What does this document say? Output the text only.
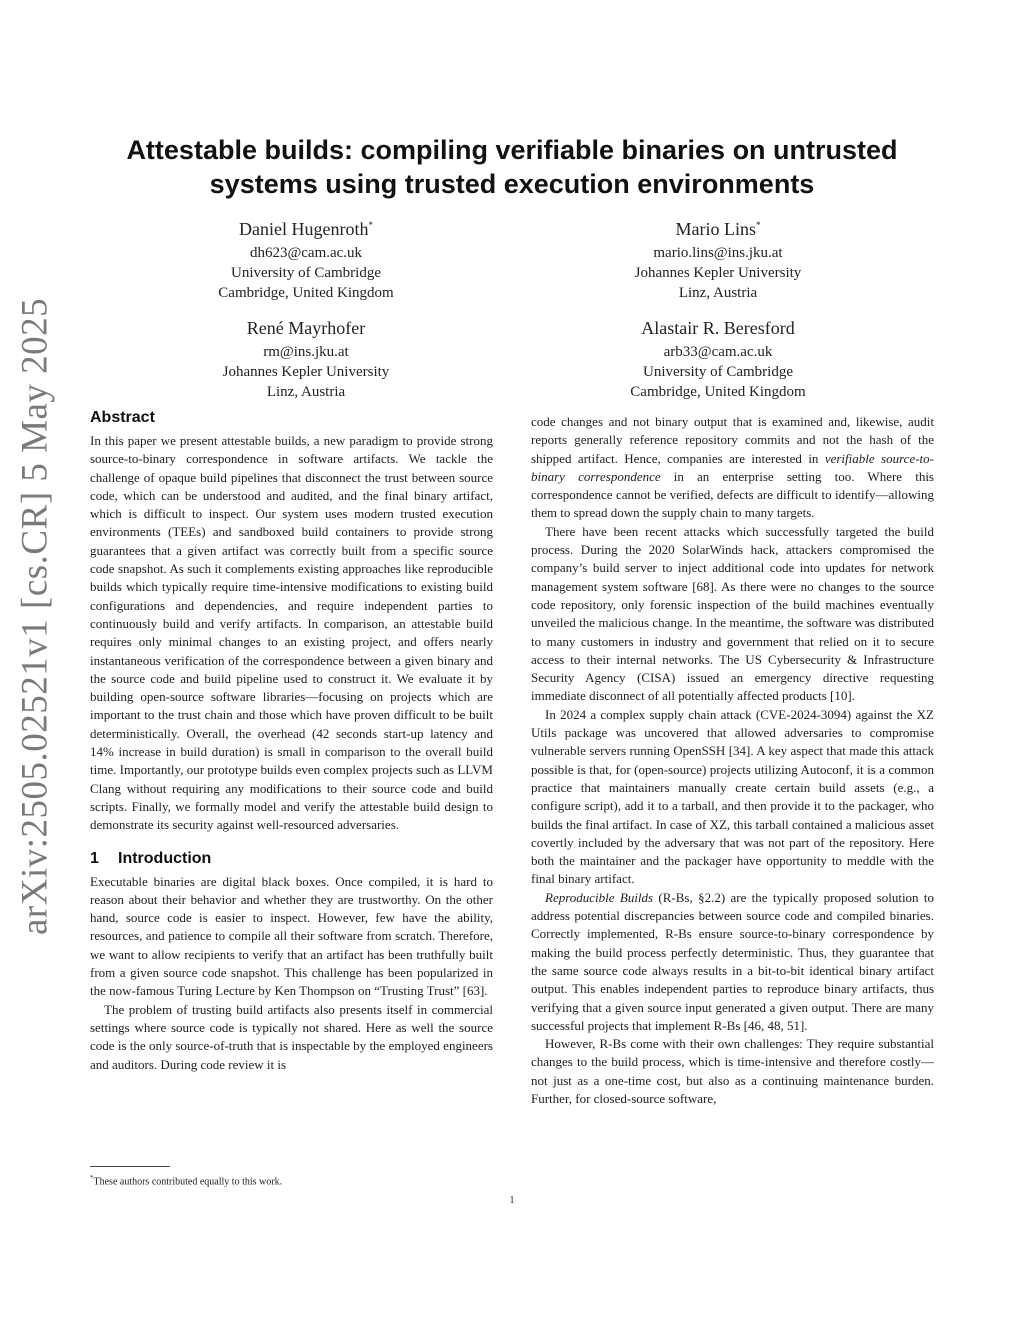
arXiv:2505.02521v1 [cs.CR] 5 May 2025
Attestable builds: compiling verifiable binaries on untrusted
systems using trusted execution environments
Daniel Hugenroth*
dh623@cam.ac.uk
University of Cambridge
Cambridge, United Kingdom
Mario Lins*
mario.lins@ins.jku.at
Johannes Kepler University
Linz, Austria
René Mayrhofer
rm@ins.jku.at
Johannes Kepler University
Linz, Austria
Alastair R. Beresford
arb33@cam.ac.uk
University of Cambridge
Cambridge, United Kingdom
Abstract

In this paper we present attestable builds, a new paradigm to provide strong source-to-binary correspondence in software artifacts. We tackle the challenge of opaque build pipelines that disconnect the trust between source code, which can be understood and audited, and the final binary artifact, which is difficult to inspect. Our system uses modern trusted execution environments (TEEs) and sandboxed build containers to provide strong guarantees that a given artifact was correctly built from a specific source code snapshot. As such it complements existing approaches like reproducible builds which typically require time-intensive modifications to existing build configurations and dependencies, and require independent parties to continuously build and verify artifacts. In comparison, an attestable build requires only minimal changes to an existing project, and offers nearly instantaneous verification of the correspondence between a given binary and the source code and build pipeline used to construct it. We evaluate it by building open-source software libraries—focusing on projects which are important to the trust chain and those which have proven difficult to be built deterministically. Overall, the overhead (42 seconds start-up latency and 14% increase in build duration) is small in comparison to the overall build time. Importantly, our prototype builds even complex projects such as LLVM Clang without requiring any modifications to their source code and build scripts. Finally, we formally model and verify the attestable build design to demonstrate its security against well-resourced adversaries.

1 Introduction

Executable binaries are digital black boxes. Once compiled, it is hard to reason about their behavior and whether they are trustworthy. On the other hand, source code is easier to inspect. However, few have the ability, resources, and patience to compile all their software from scratch. Therefore, we want to allow recipients to verify that an artifact has been truthfully built from a given source code snapshot. This challenge has been popularized in the now-famous Turing Lecture by Ken Thompson on “Trusting Trust” [63].

The problem of trusting build artifacts also presents itself in commercial settings where source code is typically not shared. Here as well the source code is the only source-of-truth that is inspectable by the employed engineers and auditors. During code review it is

code changes and not binary output that is examined and, likewise, audit reports generally reference repository commits and not the hash of the shipped artifact. Hence, companies are interested in verifiable source-to-binary correspondence in an enterprise setting too. Where this correspondence cannot be verified, defects are difficult to identify—allowing them to spread down the supply chain to many targets.

There have been recent attacks which successfully targeted the build process. During the 2020 SolarWinds hack, attackers compromised the company’s build server to inject additional code into updates for network management system software [68]. As there were no changes to the source code repository, only forensic inspection of the build machines eventually unveiled the malicious change. In the meantime, the software was distributed to many customers in industry and government that relied on it to secure access to their internal networks. The US Cybersecurity & Infrastructure Security Agency (CISA) issued an emergency directive requesting immediate disconnect of all potentially affected products [10].

In 2024 a complex supply chain attack (CVE-2024-3094) against the XZ Utils package was uncovered that allowed adversaries to compromise vulnerable servers running OpenSSH [34]. A key aspect that made this attack possible is that, for (open-source) projects utilizing Autoconf, it is a common practice that maintainers manually create certain build assets (e.g., a configure script), add it to a tarball, and then provide it to the packager, who builds the final artifact. In case of XZ, this tarball contained a malicious asset covertly included by the adversary that was not part of the repository. Here both the maintainer and the packager have opportunity to meddle with the final binary artifact.

Reproducible Builds (R-Bs, §2.2) are the typically proposed solution to address potential discrepancies between source code and compiled binaries. Correctly implemented, R-Bs ensure source-to-binary correspondence by making the build process perfectly deterministic. Thus, they guarantee that the same source code always results in a bit-to-bit identical binary artifact output. This enables independent parties to reproduce binary artifacts, thus verifying that a given source input generated a given output. There are many successful projects that implement R-Bs [46, 48, 51].

However, R-Bs come with their own challenges: They require substantial changes to the build process, which is time-intensive and therefore costly—not just as a one-time cost, but also as a continuing maintenance burden. Further, for closed-source software,

*These authors contributed equally to this work.
1
